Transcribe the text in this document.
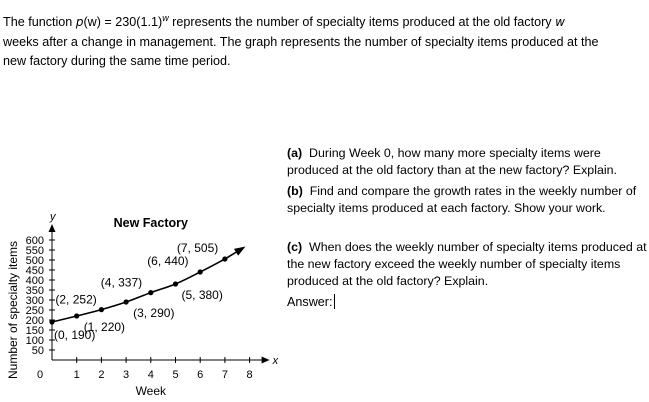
The function $p(w) = 230(1.1)^w$ represents the number of specialty items produced at the old factory w
weeks after a change in management. The graph represents the number of specialty items produced at the
new factory during the same time period.
x
y
0	1 2 3 4 5 6 7 8
50
100
150
200
250
300
350
400
450
500
550
600
Week
Number of specialty items
New Factory
(0, 190)
(1, 220)
(2, 252)
(3, 290)
(4, 337)
(5, 380)
(6, 440)
(7, 505)
(a) During Week 0, how many more specialty items were produced at the old factory than at the new factory? Explain.
(b) Find and compare the growth rates in the weekly number of specialty items produced at each factory. Show your work.
(c) When does the weekly number of specialty items produced at the new factory exceed the weekly number of specialty items produced at the old factory? Explain.
Answer:
